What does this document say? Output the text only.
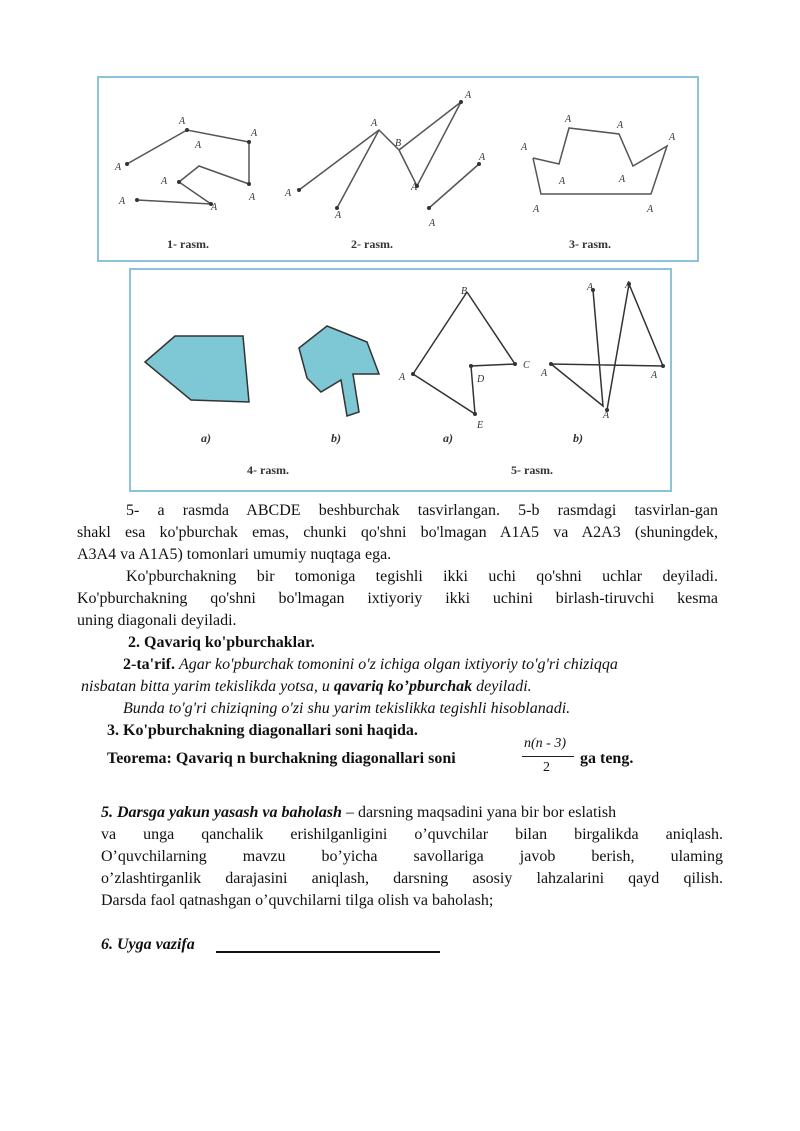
A
A
A
A
A
A
A
A
A
A
B
A
A
A
A
A
A
A
A
A
A	A
A	A
1- rasm.	2- rasm.	3- rasm.
B
C
D
A
E
A	A
A	A
A
a)	b)	a)	b)
4- rasm.	5- rasm.
5- a rasmda ABCDE beshburchak tasvirlangan. 5-b rasmdagi tasvirlan-gan
shakl esa ko'pburchak emas, chunki qo'shni bo'lmagan A1A5 va A2A3 (shuningdek,
A3A4 va A1A5) tomonlari umumiy nuqtaga ega.
Ko'pburchakning bir tomoniga tegishli ikki uchi qo'shni uchlar deyiladi.
Ko'pburchakning qo'shni bo'lmagan ixtiyoriy ikki uchini birlash-tiruvchi kesma
uning diagonali deyiladi.
2. Qavariq ko'pburchaklar.
2-ta'rif. Agar ko'pburchak tomonini o'z ichiga olgan ixtiyoriy to'g'ri chiziqqa
nisbatan bitta yarim tekislikda yotsa, u qavariq ko’pburchak deyiladi.
Bunda to'g'ri chiziqning o'zi shu yarim tekislikka tegishli hisoblanadi.
3. Ko'pburchakning diagonallari soni haqida.
Teorema: Qavariq n burchakning diagonallari soni
n(n - 3)
2
ga teng.
5. Darsga yakun yasash va baholash – darsning maqsadini yana bir bor eslatish
va unga qanchalik erishilganligini o’quvchilar bilan birgalikda aniqlash.
O’quvchilarning mavzu bo’yicha savollariga javob berish, ulaming
o’zlashtirganlik darajasini aniqlash, darsning asosiy lahzalarini qayd qilish.
Darsda faol qatnashgan o’quvchilarni tilga olish va baholash;
6. Uyga vazifa
